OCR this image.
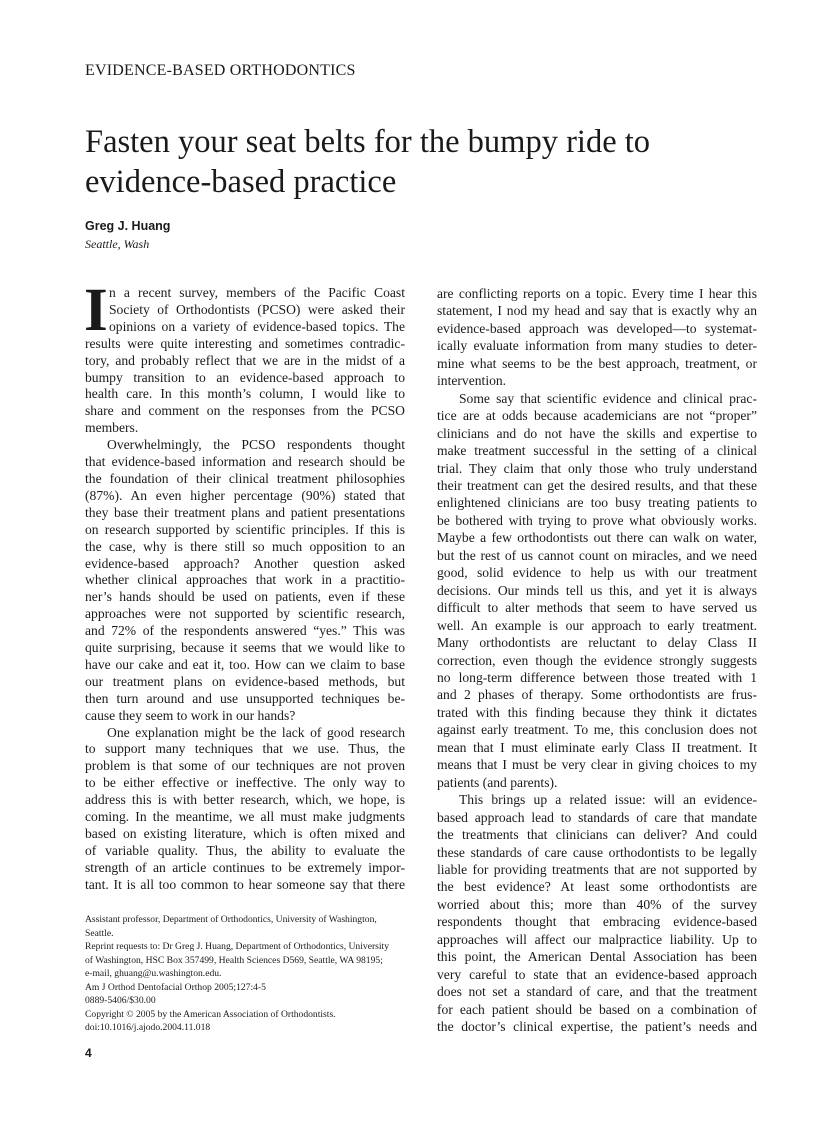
EVIDENCE-BASED ORTHODONTICS
Fasten your seat belts for the bumpy ride to
evidence-based practice
Greg J. Huang
Seattle, Wash
I n a recent survey, members of the Pacific Coast
Society of Orthodontists (PCSO) were asked their
opinions on a variety of evidence-based topics. The
results were quite interesting and sometimes contradic-
tory, and probably reflect that we are in the midst of a
bumpy transition to an evidence-based approach to
health care. In this month’s column, I would like to
share and comment on the responses from the PCSO
members.
Overwhelmingly, the PCSO respondents thought
that evidence-based information and research should be
the foundation of their clinical treatment philosophies
(87%). An even higher percentage (90%) stated that
they base their treatment plans and patient presentations
on research supported by scientific principles. If this is
the case, why is there still so much opposition to an
evidence-based approach? Another question asked
whether clinical approaches that work in a practitio-
ner’s hands should be used on patients, even if these
approaches were not supported by scientific research,
and 72% of the respondents answered “yes.” This was
quite surprising, because it seems that we would like to
have our cake and eat it, too. How can we claim to base
our treatment plans on evidence-based methods, but
then turn around and use unsupported techniques be-
cause they seem to work in our hands?
One explanation might be the lack of good research
to support many techniques that we use. Thus, the
problem is that some of our techniques are not proven
to be either effective or ineffective. The only way to
address this is with better research, which, we hope, is
coming. In the meantime, we all must make judgments
based on existing literature, which is often mixed and
of variable quality. Thus, the ability to evaluate the
strength of an article continues to be extremely impor-
tant. It is all too common to hear someone say that there
are conflicting reports on a topic. Every time I hear this
statement, I nod my head and say that is exactly why an
evidence-based approach was developed—to systemat-
ically evaluate information from many studies to deter-
mine what seems to be the best approach, treatment, or
intervention.
Some say that scientific evidence and clinical prac-
tice are at odds because academicians are not “proper”
clinicians and do not have the skills and expertise to
make treatment successful in the setting of a clinical
trial. They claim that only those who truly understand
their treatment can get the desired results, and that these
enlightened clinicians are too busy treating patients to
be bothered with trying to prove what obviously works.
Maybe a few orthodontists out there can walk on water,
but the rest of us cannot count on miracles, and we need
good, solid evidence to help us with our treatment
decisions. Our minds tell us this, and yet it is always
difficult to alter methods that seem to have served us
well. An example is our approach to early treatment.
Many orthodontists are reluctant to delay Class II
correction, even though the evidence strongly suggests
no long-term difference between those treated with 1
and 2 phases of therapy. Some orthodontists are frus-
trated with this finding because they think it dictates
against early treatment. To me, this conclusion does not
mean that I must eliminate early Class II treatment. It
means that I must be very clear in giving choices to my
patients (and parents).
This brings up a related issue: will an evidence-
based approach lead to standards of care that mandate
the treatments that clinicians can deliver? And could
these standards of care cause orthodontists to be legally
liable for providing treatments that are not supported by
the best evidence? At least some orthodontists are
worried about this; more than 40% of the survey
respondents thought that embracing evidence-based
approaches will affect our malpractice liability. Up to
this point, the American Dental Association has been
very careful to state that an evidence-based approach
does not set a standard of care, and that the treatment
for each patient should be based on a combination of
the doctor’s clinical expertise, the patient’s needs and
Assistant professor, Department of Orthodontics, University of Washington,
Seattle.
Reprint requests to: Dr Greg J. Huang, Department of Orthodontics, University
of Washington, HSC Box 357499, Health Sciences D569, Seattle, WA 98195;
e-mail, ghuang@u.washington.edu.
Am J Orthod Dentofacial Orthop 2005;127:4-5
0889-5406/$30.00
Copyright © 2005 by the American Association of Orthodontists.
doi:10.1016/j.ajodo.2004.11.018
4
